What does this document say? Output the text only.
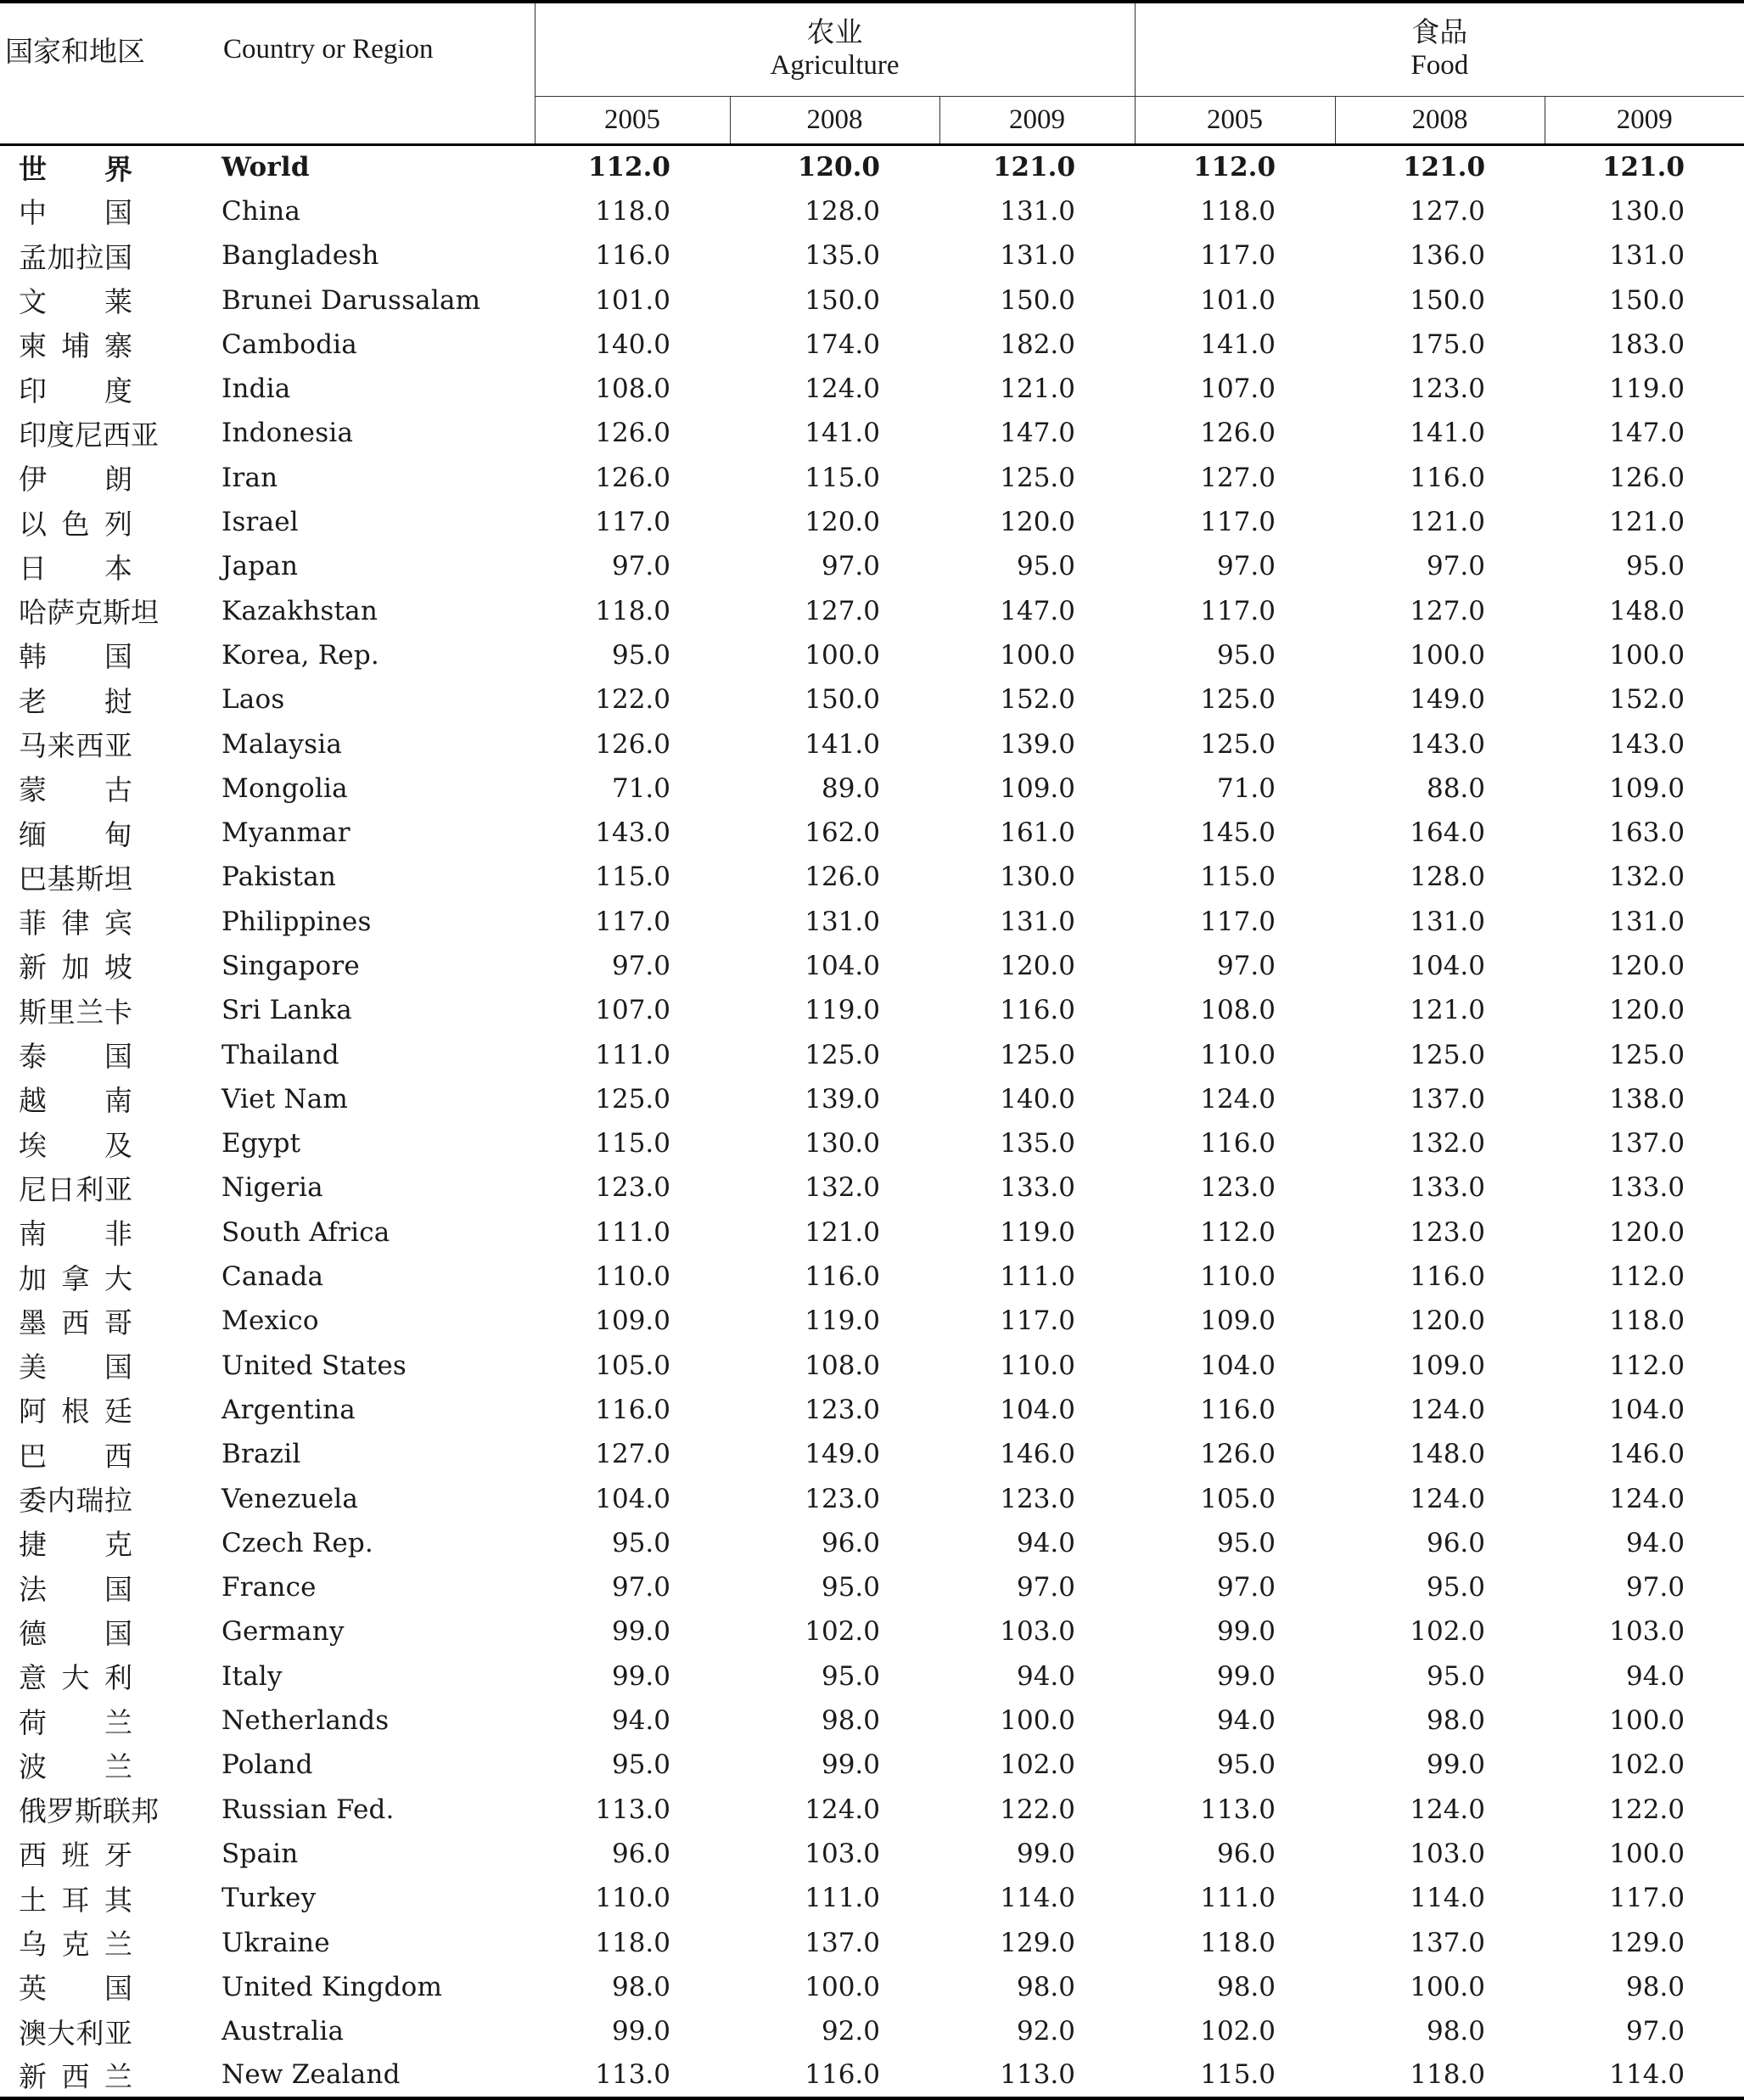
国家和地区	Country or Region	农业			食品		
		Agriculture			Food		
		2005	2008	2009	2005	2008	2009

世界	World	112.0	120.0	121.0	112.0	121.0	121.0

中国	China	118.0	128.0	131.0	118.0	127.0	130.0

孟加拉国	Bangladesh	116.0	135.0	131.0	117.0	136.0	131.0

文莱	Brunei Darussalam	101.0	150.0	150.0	101.0	150.0	150.0

柬埔寨	Cambodia	140.0	174.0	182.0	141.0	175.0	183.0

印度	India	108.0	124.0	121.0	107.0	123.0	119.0

印度尼西亚	Indonesia	126.0	141.0	147.0	126.0	141.0	147.0

伊朗	Iran	126.0	115.0	125.0	127.0	116.0	126.0

以色列	Israel	117.0	120.0	120.0	117.0	121.0	121.0

日本	Japan	97.0	97.0	95.0	97.0	97.0	95.0

哈萨克斯坦	Kazakhstan	118.0	127.0	147.0	117.0	127.0	148.0

韩国	Korea, Rep.	95.0	100.0	100.0	95.0	100.0	100.0

老挝	Laos	122.0	150.0	152.0	125.0	149.0	152.0

马来西亚	Malaysia	126.0	141.0	139.0	125.0	143.0	143.0

蒙古	Mongolia	71.0	89.0	109.0	71.0	88.0	109.0

缅甸	Myanmar	143.0	162.0	161.0	145.0	164.0	163.0

巴基斯坦	Pakistan	115.0	126.0	130.0	115.0	128.0	132.0

菲律宾	Philippines	117.0	131.0	131.0	117.0	131.0	131.0

新加坡	Singapore	97.0	104.0	120.0	97.0	104.0	120.0

斯里兰卡	Sri Lanka	107.0	119.0	116.0	108.0	121.0	120.0

泰国	Thailand	111.0	125.0	125.0	110.0	125.0	125.0

越南	Viet Nam	125.0	139.0	140.0	124.0	137.0	138.0

埃及	Egypt	115.0	130.0	135.0	116.0	132.0	137.0

尼日利亚	Nigeria	123.0	132.0	133.0	123.0	133.0	133.0

南非	South Africa	111.0	121.0	119.0	112.0	123.0	120.0

加拿大	Canada	110.0	116.0	111.0	110.0	116.0	112.0

墨西哥	Mexico	109.0	119.0	117.0	109.0	120.0	118.0

美国	United States	105.0	108.0	110.0	104.0	109.0	112.0

阿根廷	Argentina	116.0	123.0	104.0	116.0	124.0	104.0

巴西	Brazil	127.0	149.0	146.0	126.0	148.0	146.0

委内瑞拉	Venezuela	104.0	123.0	123.0	105.0	124.0	124.0

捷克	Czech Rep.	95.0	96.0	94.0	95.0	96.0	94.0

法国	France	97.0	95.0	97.0	97.0	95.0	97.0

德国	Germany	99.0	102.0	103.0	99.0	102.0	103.0

意大利	Italy	99.0	95.0	94.0	99.0	95.0	94.0

荷兰	Netherlands	94.0	98.0	100.0	94.0	98.0	100.0

波兰	Poland	95.0	99.0	102.0	95.0	99.0	102.0

俄罗斯联邦	Russian Fed.	113.0	124.0	122.0	113.0	124.0	122.0

西班牙	Spain	96.0	103.0	99.0	96.0	103.0	100.0

土耳其	Turkey	110.0	111.0	114.0	111.0	114.0	117.0

乌克兰	Ukraine	118.0	137.0	129.0	118.0	137.0	129.0

英国	United Kingdom	98.0	100.0	98.0	98.0	100.0	98.0

澳大利亚	Australia	99.0	92.0	92.0	102.0	98.0	97.0

新西兰	New Zealand	113.0	116.0	113.0	115.0	118.0	114.0
